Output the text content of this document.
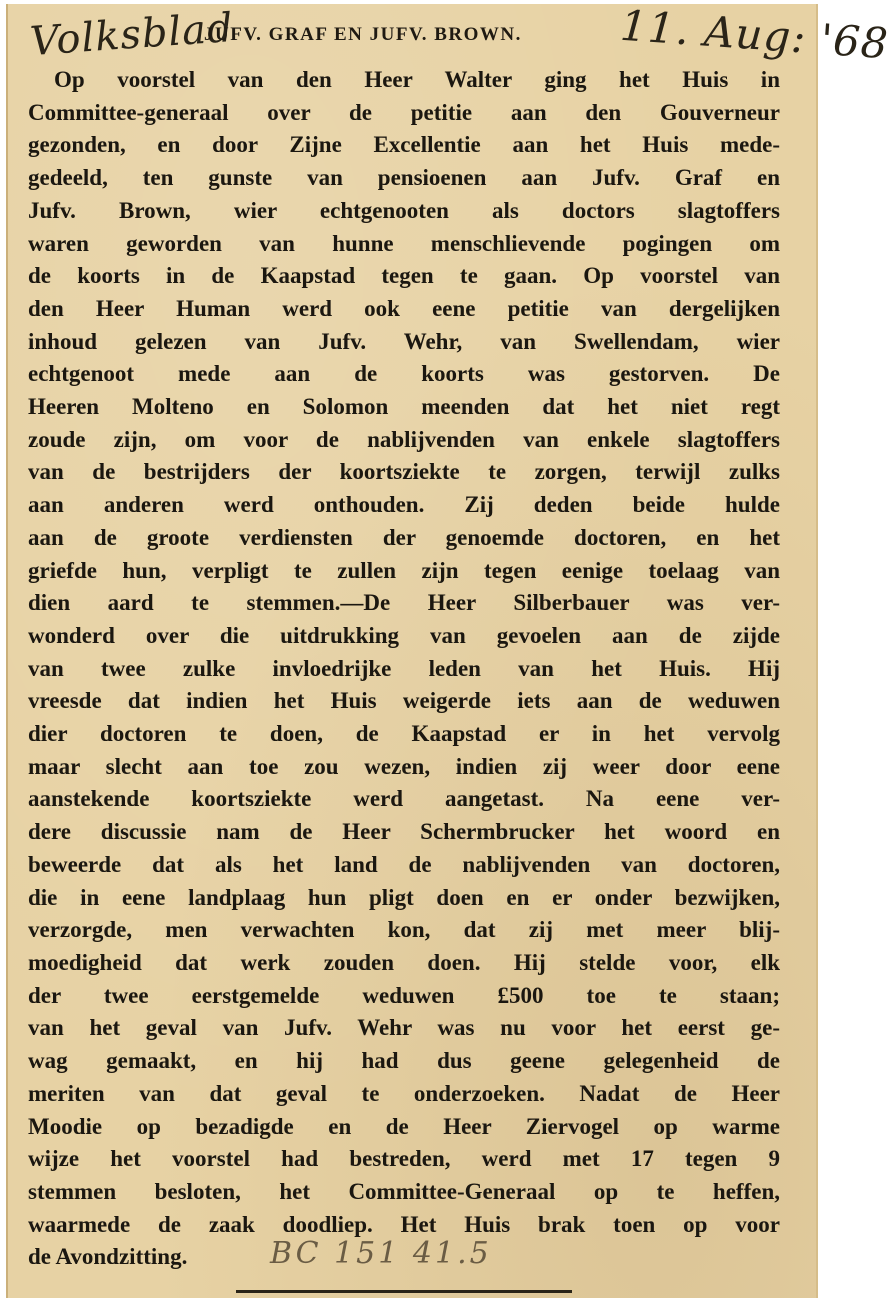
Volksblad	11. Aug: '68
JUFV. GRAF EN JUFV. BROWN.
Op voorstel van den Heer Walter ging het Huis in
Committee-generaal over de petitie aan den Gouverneur
gezonden, en door Zijne Excellentie aan het Huis mede-
gedeeld, ten gunste van pensioenen aan Jufv. Graf en
Jufv. Brown, wier echtgenooten als doctors slagtoffers
waren geworden van hunne menschlievende pogingen om
de koorts in de Kaapstad tegen te gaan. Op voorstel van
den Heer Human werd ook eene petitie van dergelijken
inhoud gelezen van Jufv. Wehr, van Swellendam, wier
echtgenoot mede aan de koorts was gestorven. De
Heeren Molteno en Solomon meenden dat het niet regt
zoude zijn, om voor de nablijvenden van enkele slagtoffers
van de bestrijders der koortsziekte te zorgen, terwijl zulks
aan anderen werd onthouden. Zij deden beide hulde
aan de groote verdiensten der genoemde doctoren, en het
griefde hun, verpligt te zullen zijn tegen eenige toelaag van
dien aard te stemmen.—De Heer Silberbauer was ver-
wonderd over die uitdrukking van gevoelen aan de zijde
van twee zulke invloedrijke leden van het Huis. Hij
vreesde dat indien het Huis weigerde iets aan de weduwen
dier doctoren te doen, de Kaapstad er in het vervolg
maar slecht aan toe zou wezen, indien zij weer door eene
aanstekende koortsziekte werd aangetast. Na eene ver-
dere discussie nam de Heer Schermbrucker het woord en
beweerde dat als het land de nablijvenden van doctoren,
die in eene landplaag hun pligt doen en er onder bezwijken,
verzorgde, men verwachten kon, dat zij met meer blij-
moedigheid dat werk zouden doen. Hij stelde voor, elk
der twee eerstgemelde weduwen £500 toe te staan;
van het geval van Jufv. Wehr was nu voor het eerst ge-
wag gemaakt, en hij had dus geene gelegenheid de
meriten van dat geval te onderzoeken. Nadat de Heer
Moodie op bezadigde en de Heer Ziervogel op warme
wijze het voorstel had bestreden, werd met 17 tegen 9
stemmen besloten, het Committee-Generaal op te heffen,
waarmede de zaak doodliep. Het Huis brak toen op voor
de Avondzitting.	BC 151 41.5
